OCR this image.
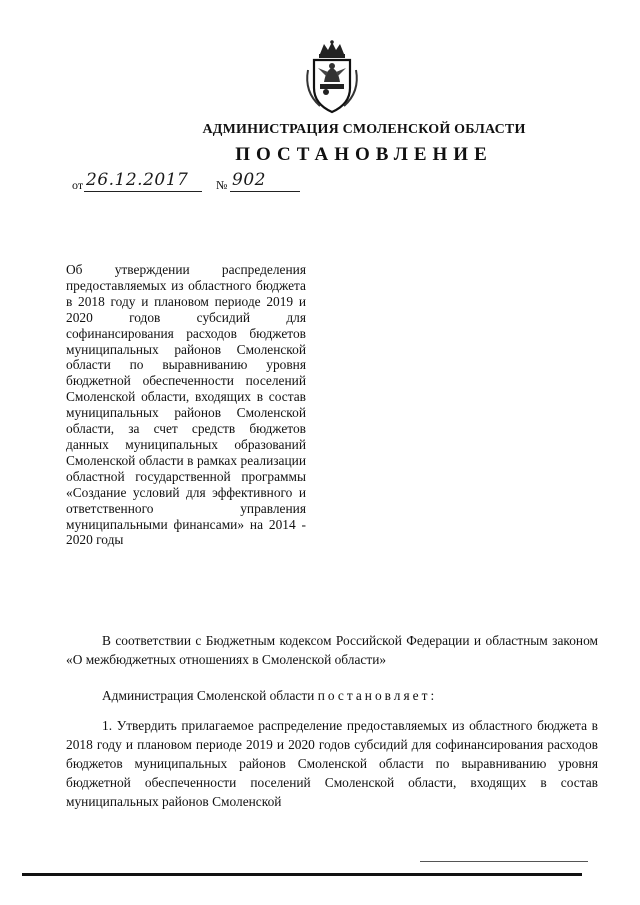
АДМИНИСТРАЦИЯ СМОЛЕНСКОЙ ОБЛАСТИ
ПОСТАНОВЛЕНИЕ
от 26.12.2017 № 902
Об утверждении распределения предоставляемых из областного бюджета в 2018 году и плановом периоде 2019 и 2020 годов субсидий для софинансирования расходов бюджетов муниципальных районов Смоленской области по выравниванию уровня бюджетной обеспеченности поселений Смоленской области, входящих в состав муниципальных районов Смоленской области, за счет средств бюджетов данных муниципальных образований Смоленской области в рамках реализации областной государственной программы «Создание условий для эффективного и ответственного управления муниципальными финансами» на 2014 - 2020 годы
В соответствии с Бюджетным кодексом Российской Федерации и областным законом «О межбюджетных отношениях в Смоленской области»
Администрация Смоленской области постановляет:
1. Утвердить прилагаемое распределение предоставляемых из областного бюджета в 2018 году и плановом периоде 2019 и 2020 годов субсидий для софинансирования расходов бюджетов муниципальных районов Смоленской области по выравниванию уровня бюджетной обеспеченности поселений Смоленской области, входящих в состав муниципальных районов Смоленской
